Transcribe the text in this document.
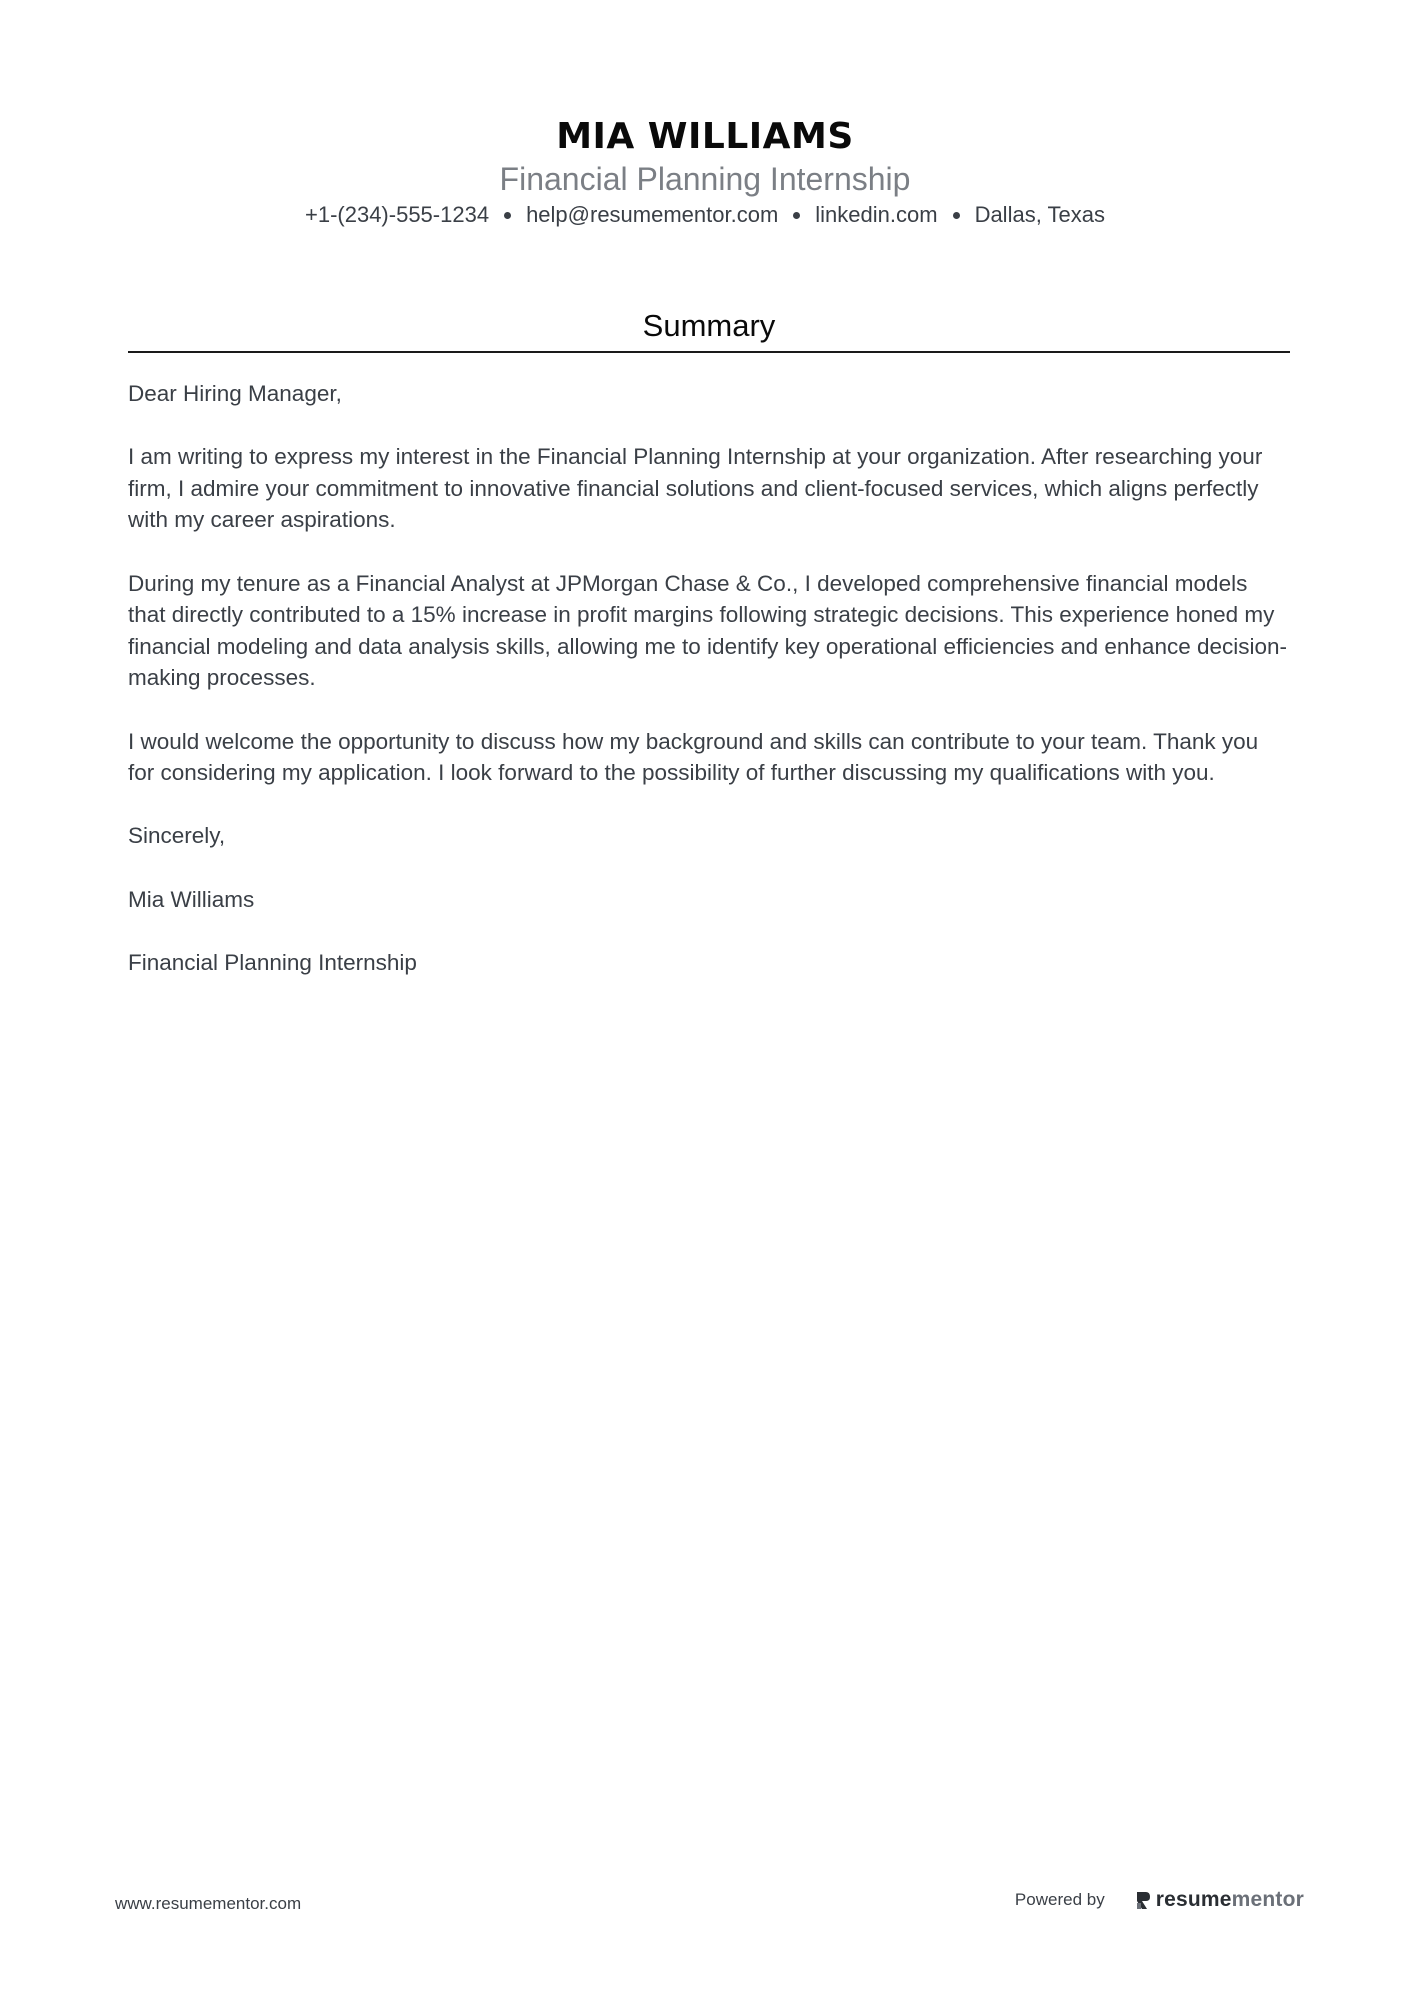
MIA WILLIAMS
Financial Planning Internship
+1-(234)-555-1234 help@resumementor.com linkedin.com Dallas, Texas
Summary

Dear Hiring Manager,

I am writing to express my interest in the Financial Planning Internship at your organization. After researching your firm, I admire your commitment to innovative financial solutions and client-focused services, which aligns perfectly with my career aspirations.

During my tenure as a Financial Analyst at JPMorgan Chase & Co., I developed comprehensive financial models that directly contributed to a 15% increase in profit margins following strategic decisions. This experience honed my financial modeling and data analysis skills, allowing me to identify key operational efficiencies and enhance decision-making processes.

I would welcome the opportunity to discuss how my background and skills can contribute to your team. Thank you for considering my application. I look forward to the possibility of further discussing my qualifications with you.

Sincerely,

Mia Williams

Financial Planning Internship

www.resumementor.com	Powered by resume mentor
